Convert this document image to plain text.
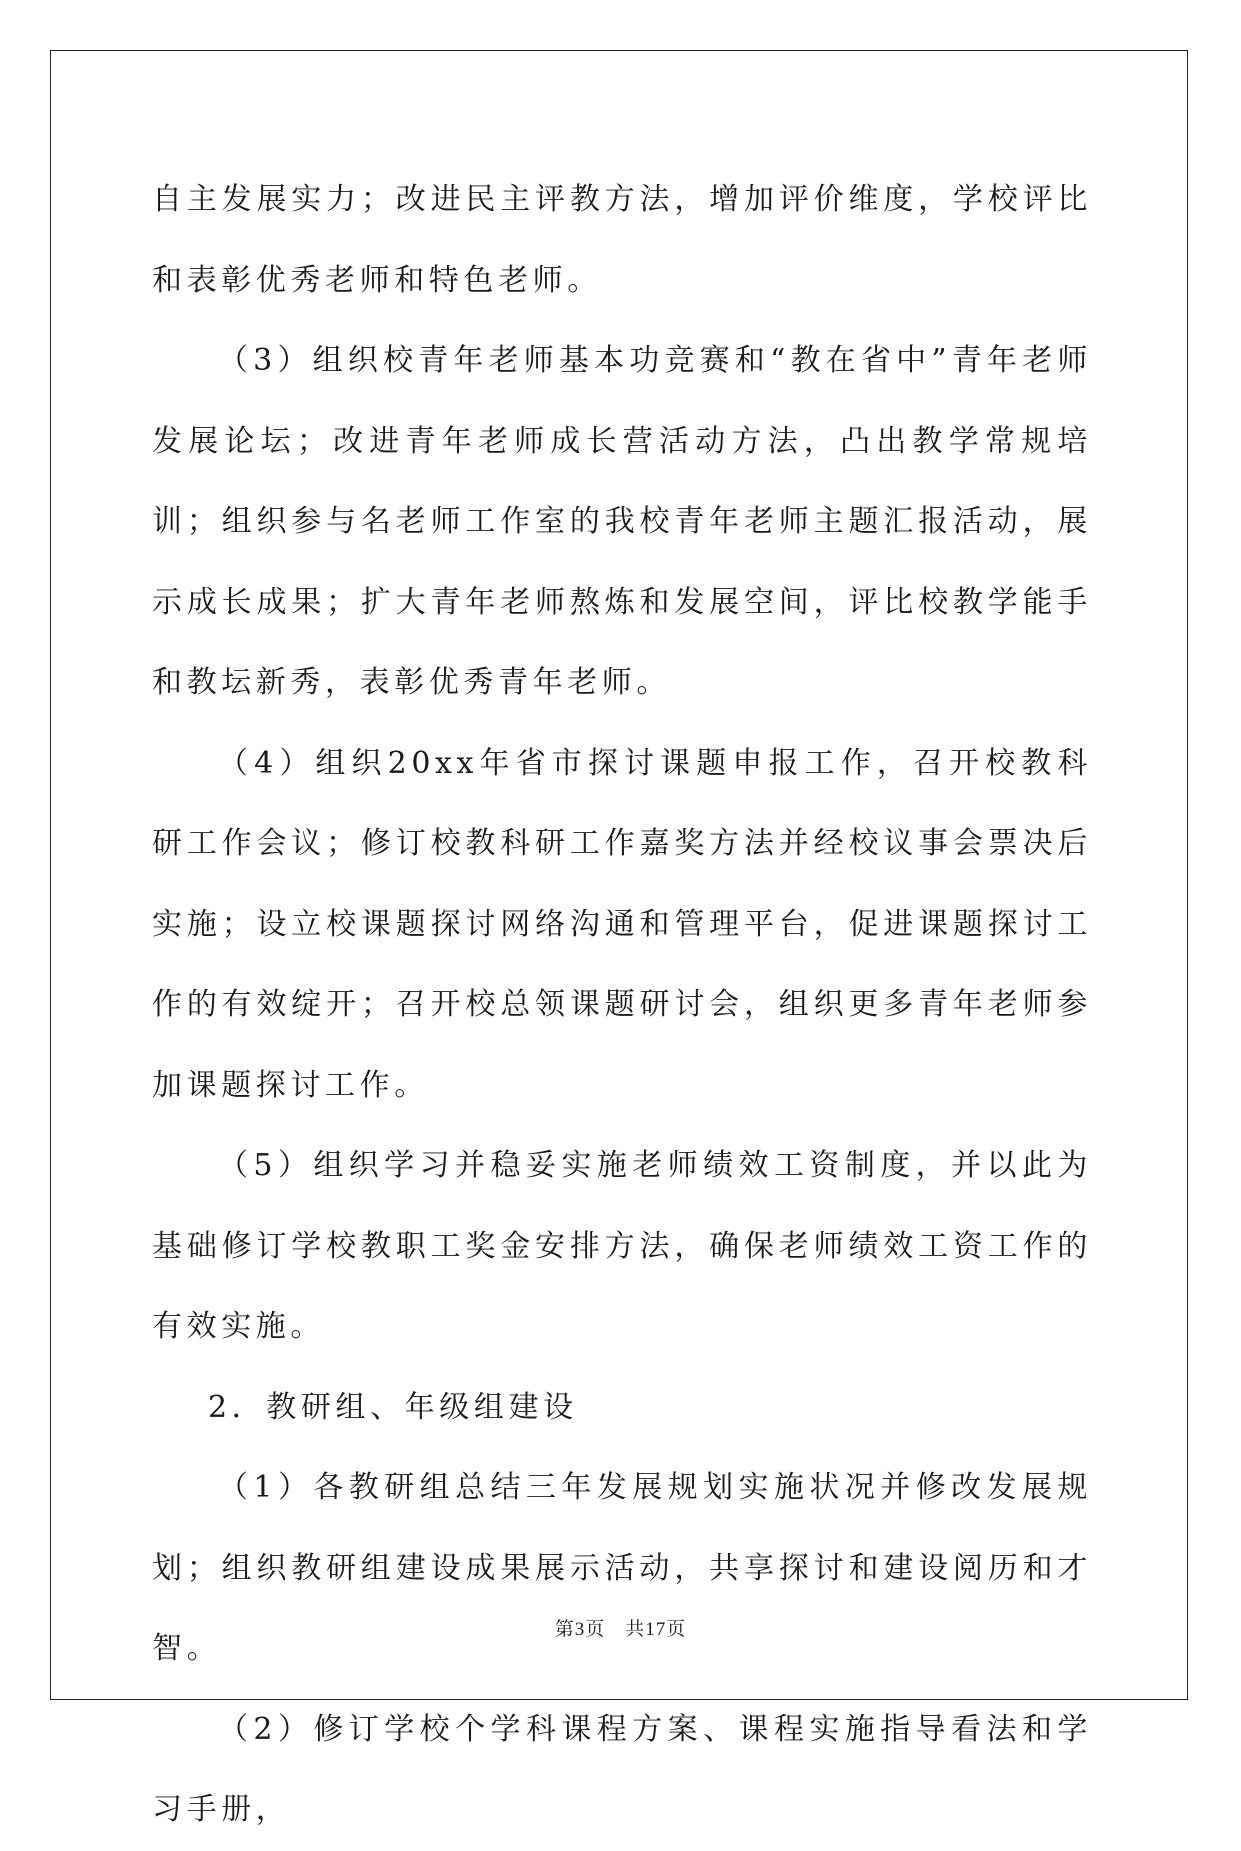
自主发展实力；改进民主评教方法，增加评价维度，学校评比和表彰优秀老师和特色老师。

（3）组织校青年老师基本功竞赛和“教在省中”青年老师发展论坛；改进青年老师成长营活动方法，凸出教学常规培训；组织参与名老师工作室的我校青年老师主题汇报活动，展示成长成果；扩大青年老师熬炼和发展空间，评比校教学能手和教坛新秀，表彰优秀青年老师。

（4）组织20xx年省市探讨课题申报工作，召开校教科研工作会议；修订校教科研工作嘉奖方法并经校议事会票决后实施；设立校课题探讨网络沟通和管理平台，促进课题探讨工作的有效绽开；召开校总领课题研讨会，组织更多青年老师参加课题探讨工作。

（5）组织学习并稳妥实施老师绩效工资制度，并以此为基础修订学校教职工奖金安排方法，确保老师绩效工资工作的有效实施。

2．教研组、年级组建设

（1）各教研组总结三年发展规划实施状况并修改发展规划；组织教研组建设成果展示活动，共享探讨和建设阅历和才智。

（2）修订学校个学科课程方案、课程实施指导看法和学习手册，

第3页　共17页
